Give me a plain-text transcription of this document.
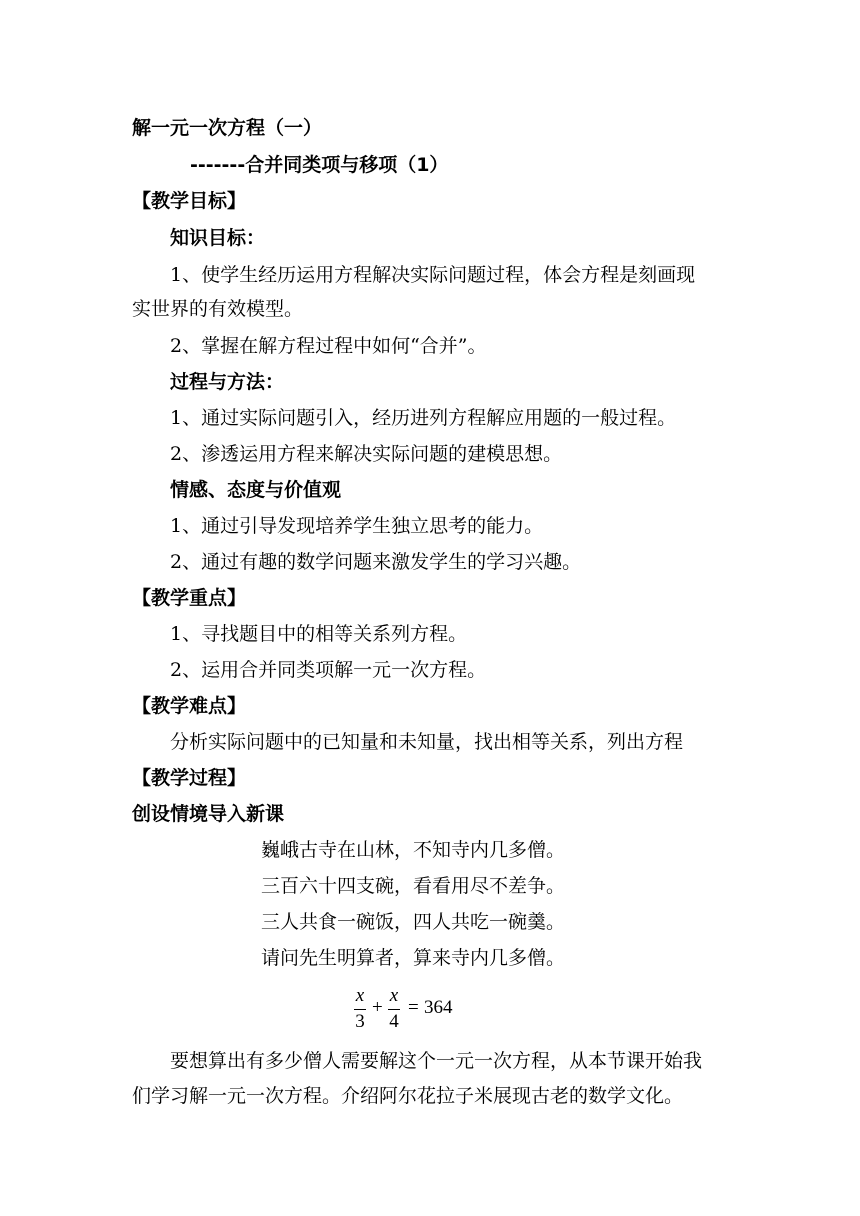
解一元一次方程（一）
-------合并同类项与移项（1）
【教学目标】
知识目标：
1、使学生经历运用方程解决实际问题过程，体会方程是刻画现
实世界的有效模型。
2、掌握在解方程过程中如何“合并”。
过程与方法：
1、通过实际问题引入，经历进列方程解应用题的一般过程。
2、渗透运用方程来解决实际问题的建模思想。
情感、态度与价值观
1、通过引导发现培养学生独立思考的能力。
2、通过有趣的数学问题来激发学生的学习兴趣。
【教学重点】
1、寻找题目中的相等关系列方程。
2、运用合并同类项解一元一次方程。
【教学难点】
分析实际问题中的已知量和未知量，找出相等关系，列出方程
【教学过程】
创设情境导入新课
巍峨古寺在山林，不知寺内几多僧。
三百六十四支碗，看看用尽不差争。
三人共食一碗饭，四人共吃一碗羹。
请问先生明算者，算来寺内几多僧。
x
3
+
x
4
= 364
要想算出有多少僧人需要解这个一元一次方程，从本节课开始我
们学习解一元一次方程。介绍阿尔花拉子米展现古老的数学文化。
